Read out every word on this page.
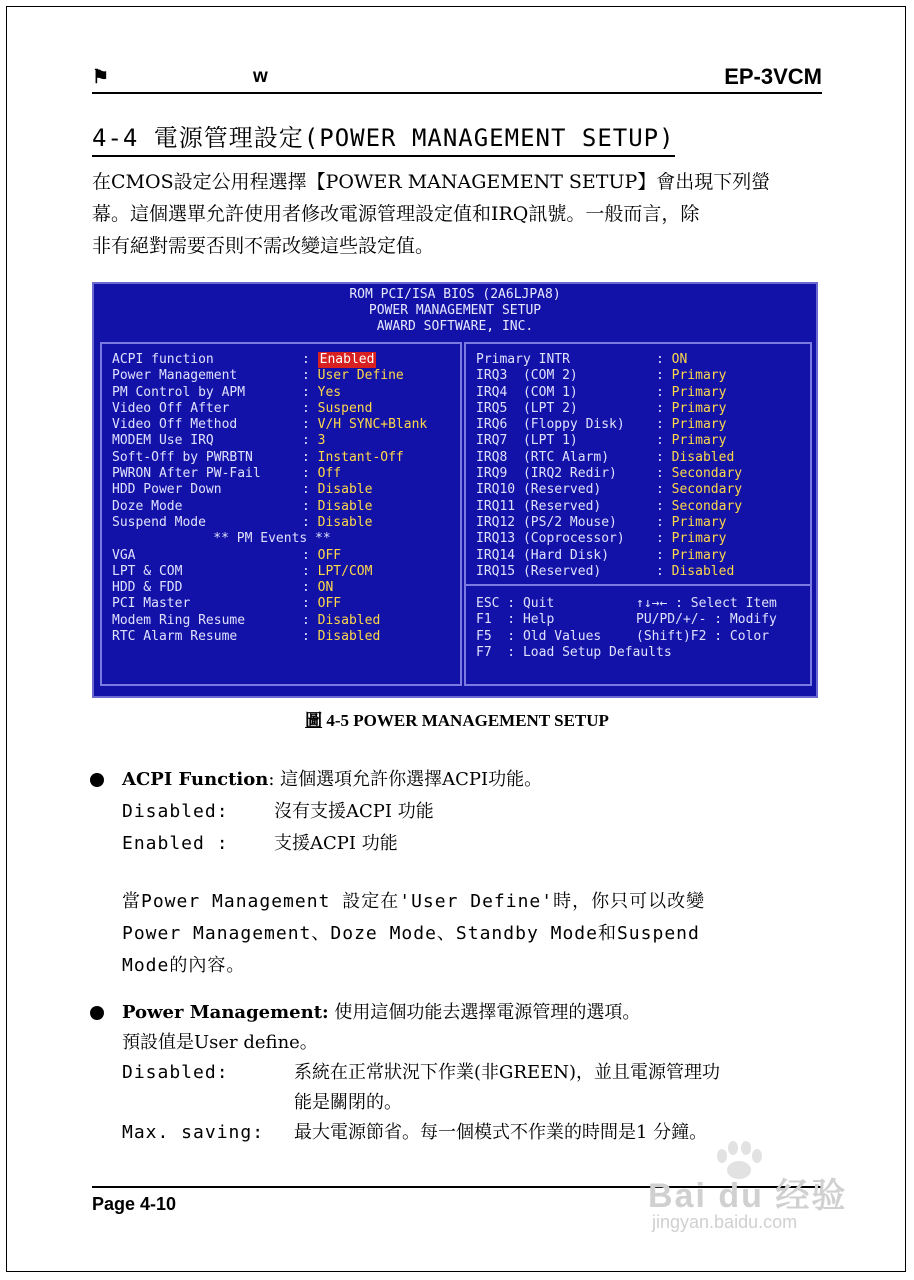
⚑	w	EP-3VCM
4-4 電源管理設定(POWER MANAGEMENT SETUP)

在CMOS設定公用程選擇【POWER MANAGEMENT SETUP】會出現下列螢

幕。這個選單允許使用者修改電源管理設定值和IRQ訊號。一般而言，除

非有絕對需要否則不需改變這些設定值。

ROM PCI/ISA BIOS (2A6LJPA8)
POWER MANAGEMENT SETUP
AWARD SOFTWARE, INC.
ACPI function	: Enabled
Power Management	: User Define
PM Control by APM	: Yes
Video Off After	: Suspend
Video Off Method	: V/H SYNC+Blank
MODEM Use IRQ	: 3
Soft-Off by PWRBTN	: Instant-Off
PWRON After PW-Fail	: Off
HDD Power Down	: Disable
Doze Mode	: Disable
Suspend Mode	: Disable
** PM Events **
VGA	: OFF
LPT & COM	: LPT/COM
HDD & FDD	: ON
PCI Master	: OFF
Modem Ring Resume	: Disabled
RTC Alarm Resume	: Disabled
Primary INTR	: ON
IRQ3  (COM 2)	: Primary
IRQ4  (COM 1)	: Primary
IRQ5  (LPT 2)	: Primary
IRQ6  (Floppy Disk)	: Primary
IRQ7  (LPT 1)	: Primary
IRQ8  (RTC Alarm)	: Disabled
IRQ9  (IRQ2 Redir)	: Secondary
IRQ10 (Reserved)	: Secondary
IRQ11 (Reserved)	: Secondary
IRQ12 (PS/2 Mouse)	: Primary
IRQ13 (Coprocessor)	: Primary
IRQ14 (Hard Disk)	: Primary
IRQ15 (Reserved)	: Disabled
ESC : Quit	↑↓→← : Select Item
F1  : Help	PU/PD/+/- : Modify
F5  : Old Values	(Shift)F2 : Color
F7  : Load Setup Defaults
圖 4-5 POWER MANAGEMENT SETUP

ACPI Function: 這個選項允許你選擇ACPI功能。

Disabled:	沒有支援ACPI 功能

Enabled :	支援ACPI 功能

當Power Management 設定在'User Define'時，你只可以改變

Power Management、Doze Mode、Standby Mode和Suspend

Mode的內容。

Power Management: 使用這個功能去選擇電源管理的選項。

預設值是User define。

Disabled:	系統在正常狀況下作業(非GREEN)，並且電源管理功

能是關閉的。

Max. saving: 最大電源節省。每一個模式不作業的時間是1 分鐘。

Page 4-10	Bai du 经验
jingyan.baidu.com
